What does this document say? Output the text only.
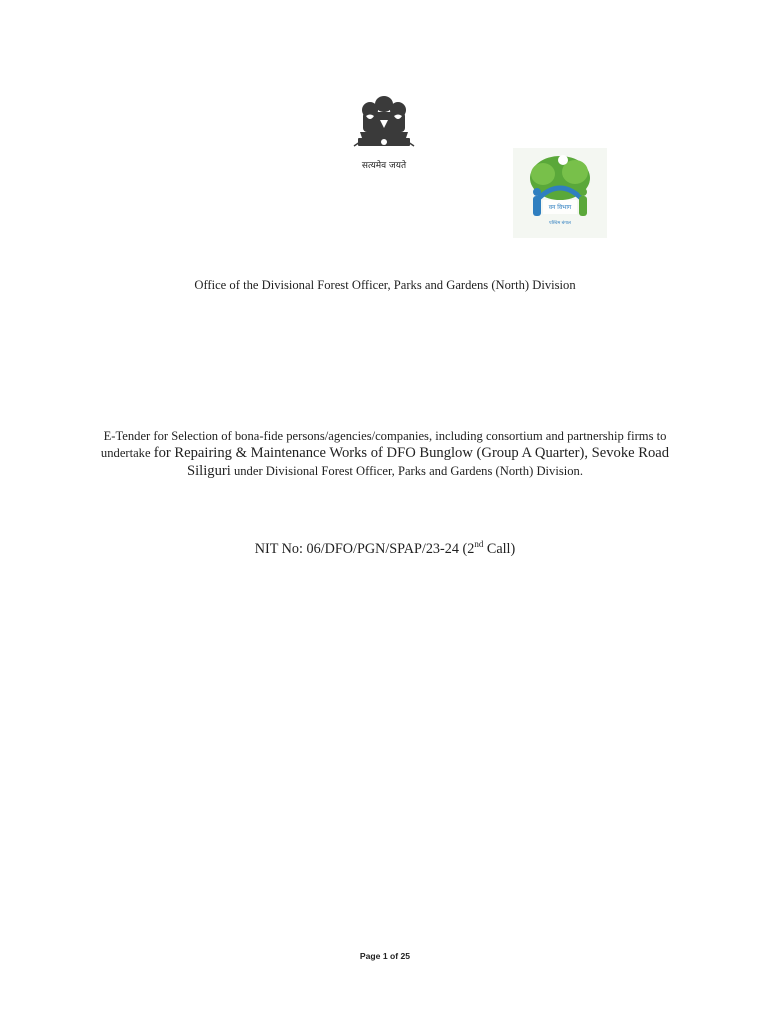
सत्यमेव जयते
वन विभाग
पश्चिम बंगाल
Office of the Divisional Forest Officer, Parks and Gardens (North) Division
E-Tender for Selection of bona-fide persons/agencies/companies, including consortium and partnership firms to
undertake for Repairing & Maintenance Works of DFO Bunglow (Group A Quarter), Sevoke Road
Siliguri under Divisional Forest Officer, Parks and Gardens (North) Division.
NIT No: 06/DFO/PGN/SPAP/23-24 (2nd Call)
Page 1 of 25
